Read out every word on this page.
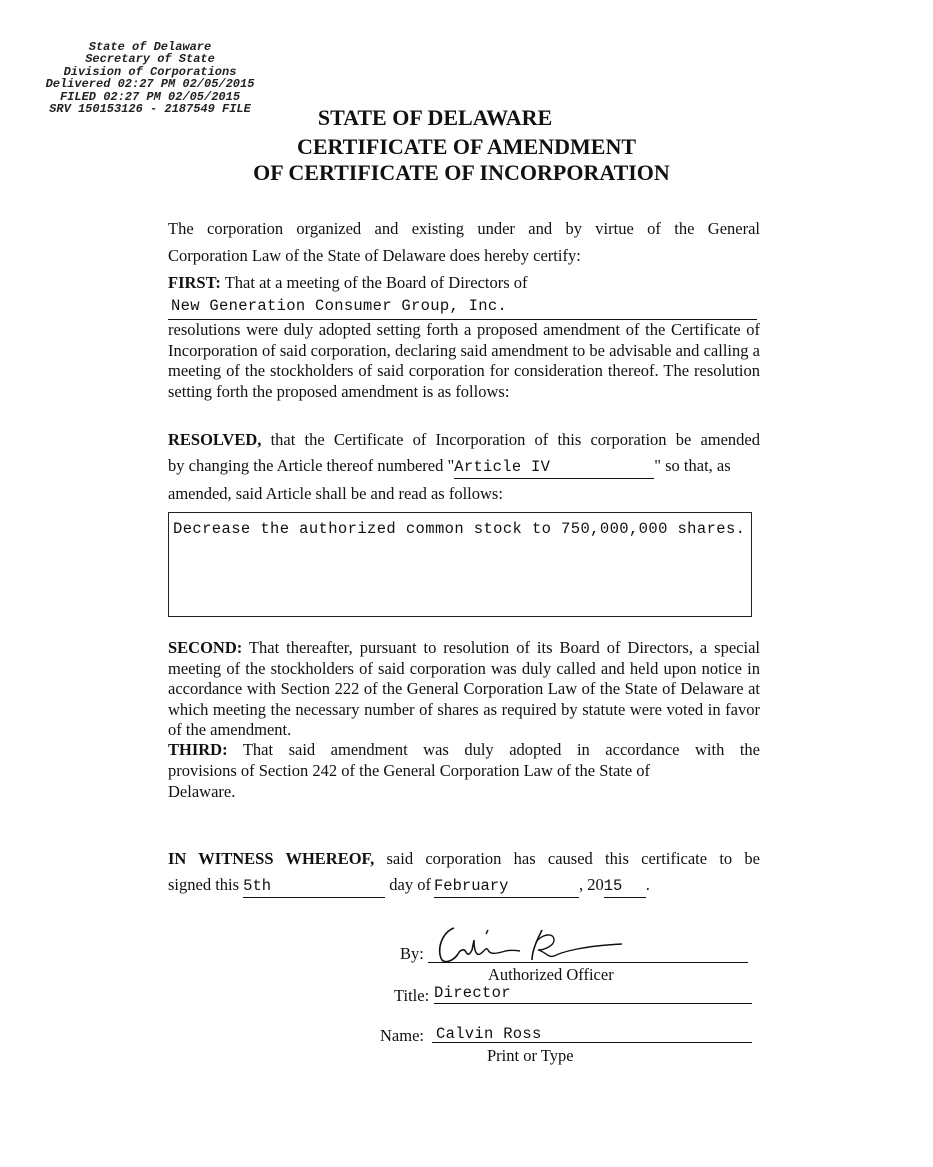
State of Delaware
Secretary of State
Division of Corporations
Delivered 02:27 PM 02/05/2015
FILED 02:27 PM 02/05/2015
SRV 150153126 - 2187549 FILE	STATE OF DELAWARE
CERTIFICATE OF AMENDMENT
OF CERTIFICATE OF INCORPORATION
The corporation organized and existing under and by virtue of the General
Corporation Law of the State of Delaware does hereby certify:
FIRST: That at a meeting of the Board of Directors of
New Generation Consumer Group, Inc.
resolutions were duly adopted setting forth a proposed amendment of the Certificate of Incorporation of said corporation, declaring said amendment to be advisable and calling a meeting of the stockholders of said corporation for consideration thereof. The resolution setting forth the proposed amendment is as follows:
RESOLVED, that the Certificate of Incorporation of this corporation be amended
by changing the Article thereof numbered "Article IV	" so that, as
amended, said Article shall be and read as follows:
Decrease the authorized common stock to 750,000,000 shares.
SECOND: That thereafter, pursuant to resolution of its Board of Directors, a special meeting of the stockholders of said corporation was duly called and held upon notice in accordance with Section 222 of the General Corporation Law of the State of Delaware at which meeting the necessary number of shares as required by statute were voted in favor of the amendment.
THIRD: That said amendment was duly adopted in accordance with the
provisions of Section 242 of the General Corporation Law of the State of
Delaware.
IN WITNESS WHEREOF, said corporation has caused this certificate to be
signed this 5th	day of February	, 2015 .
By:
Authorized Officer
Title: Director
Name: Calvin Ross
Print or Type
